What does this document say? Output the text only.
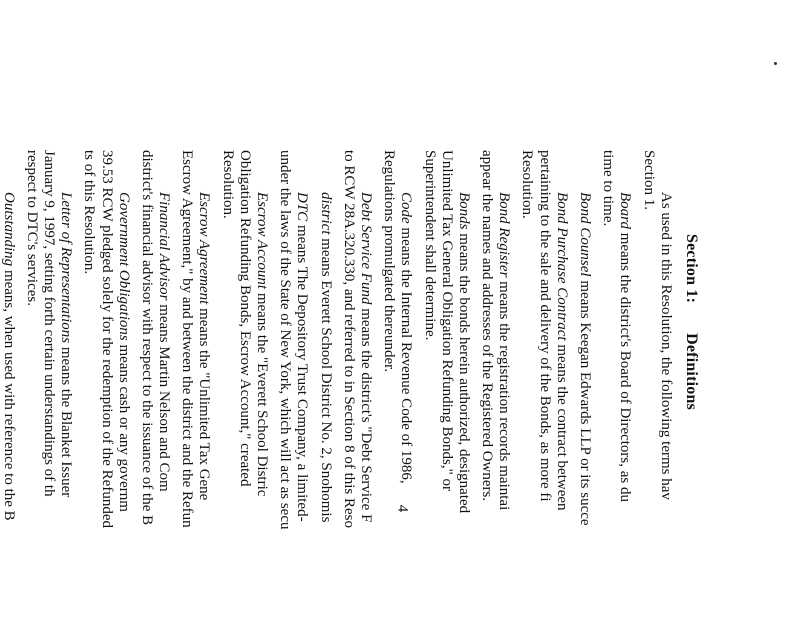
Section 1:Definitions
As used in this Resolution, the following terms hav
Section 1.
Board means the district's Board of Directors, as du
time to time.
Bond Counsel means Keegan Edwards LLP or its succe
Bond Purchase Contract means the contract between
pertaining to the sale and delivery of the Bonds, as more fi
Resolution.
Bond Register means the registration records maintai
appear the names and addresses of the Registered Owners.
Bonds means the bonds herein authorized, designated
Unlimited Tax General Obligation Refunding Bonds," or
Superintendent shall determine.
Code means the Internal Revenue Code of 1986,
Regulations promulgated thereunder.
Debt Service Fund means the district's "Debt Service F
to RCW 28A.320.330, and referred to in Section 8 of this Reso
district means Everett School District No. 2, Snohomis
DTC means The Depository Trust Company, a limited-
under the laws of the State of New York, which will act as secu
Escrow Account means the "Everett School Distric
Obligation Refunding Bonds, Escrow Account," created
Resolution.
Escrow Agreement means the "Unlimited Tax Gene
Escrow Agreement," by and between the district and the Refun
Financial Advisor means Martin Nelson and Com
district's financial advisor with respect to the issuance of the B
Government Obligations means cash or any governm
39.53 RCW pledged solely for the redemption of the Refunded
ts of this Resolution.
Letter of Representations means the Blanket Issuer
January 9, 1997, setting forth certain understandings of th
respect to DTC's services.
Outstanding means, when used with reference to the B	4
